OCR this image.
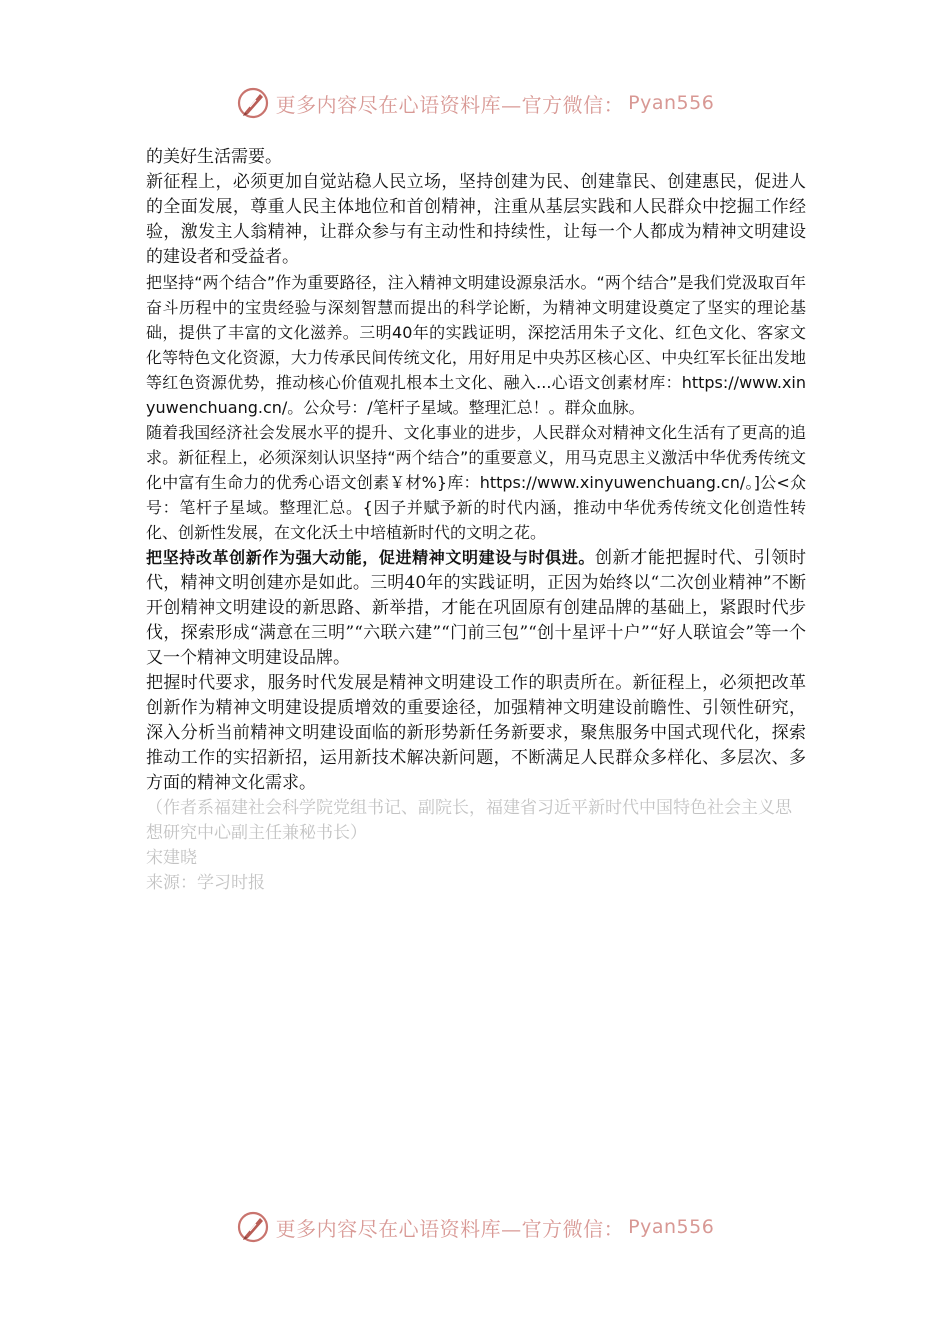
更多内容尽在心语资料库—官方微信： Pyan556

的美好生活需要。

新征程上，必须更加自觉站稳人民立场，坚持创建为民、创建靠民、创建惠民，促进人的全面发展，尊重人民主体地位和首创精神，注重从基层实践和人民群众中挖掘工作经验，激发主人翁精神，让群众参与有主动性和持续性，让每一个人都成为精神文明建设的建设者和受益者。

把坚持“两个结合”作为重要路径，注入精神文明建设源泉活水。“两个结合”是我们党汲取百年奋斗历程中的宝贵经验与深刻智慧而提出的科学论断，为精神文明建设奠定了坚实的理论基础，提供了丰富的文化滋养。三明40年的实践证明，深挖活用朱子文化、红色文化、客家文化等特色文化资源，大力传承民间传统文化，用好用足中央苏区核心区、中央红军长征出发地等红色资源优势，推动核心价值观扎根本土文化、融入...心语文创素材库：https://www.xinyuwenchuang.cn/。公众号：/笔杆子星域。整理汇总！。群众血脉。

随着我国经济社会发展水平的提升、文化事业的进步，人民群众对精神文化生活有了更高的追求。新征程上，必须深刻认识坚持“两个结合”的重要意义，用马克思主义激活中华优秀传统文化中富有生命力的优秀心语文创素￥材%}库：https://www.xinyuwenchuang.cn/。]公<众号：笔杆子星域。整理汇总。{因子并赋予新的时代内涵，推动中华优秀传统文化创造性转化、创新性发展，在文化沃土中培植新时代的文明之花。

把坚持改革创新作为强大动能，促进精神文明建设与时俱进。创新才能把握时代、引领时代，精神文明创建亦是如此。三明40年的实践证明，正因为始终以“二次创业精神”不断开创精神文明建设的新思路、新举措，才能在巩固原有创建品牌的基础上，紧跟时代步伐，探索形成“满意在三明”“六联六建”“门前三包”“创十星评十户”“好人联谊会”等一个又一个精神文明建设品牌。

把握时代要求，服务时代发展是精神文明建设工作的职责所在。新征程上，必须把改革创新作为精神文明建设提质增效的重要途径，加强精神文明建设前瞻性、引领性研究，深入分析当前精神文明建设面临的新形势新任务新要求，聚焦服务中国式现代化，探索推动工作的实招新招，运用新技术解决新问题，不断满足人民群众多样化、多层次、多方面的精神文化需求。

（作者系福建社会科学院党组书记、副院长，福建省习近平新时代中国特色社会主义思想研究中心副主任兼秘书长）

宋建晓

来源：学习时报

更多内容尽在心语资料库—官方微信： Pyan556
